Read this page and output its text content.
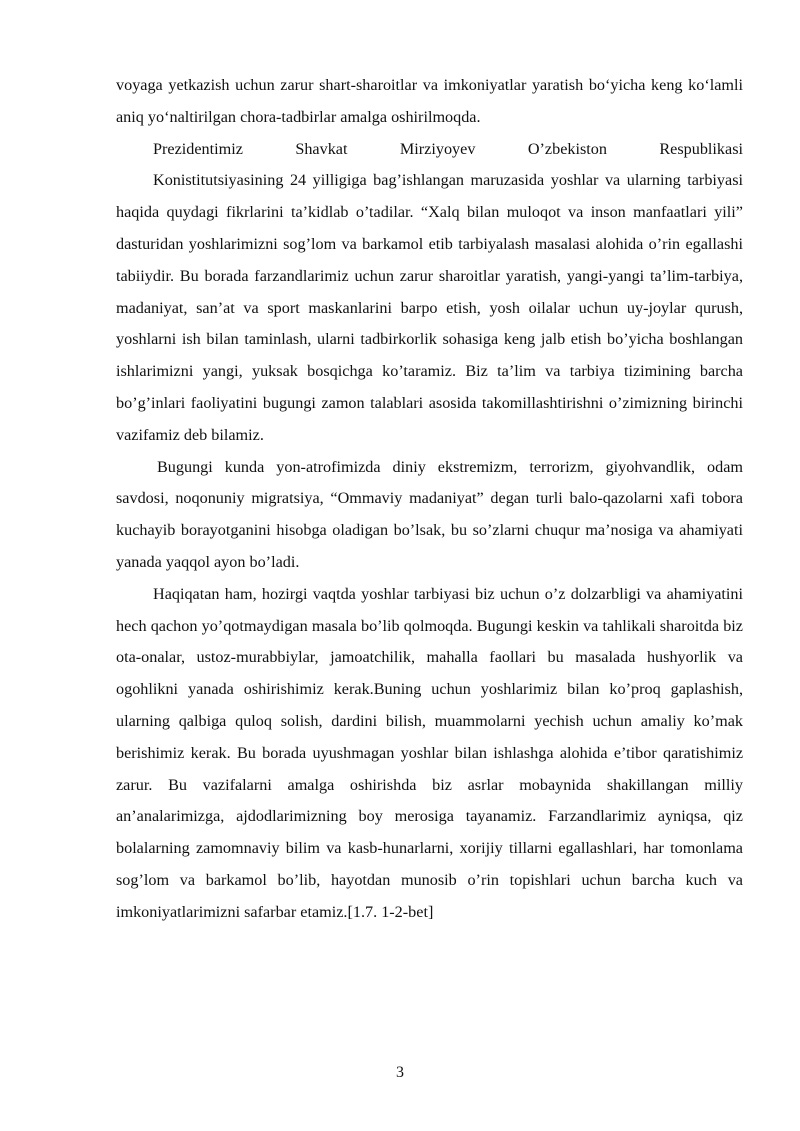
voyaga yetkazish uchun zarur shart-sharoitlar va imkoniyatlar yaratish bo‘yicha keng ko‘lamli aniq yo‘naltirilgan chora-tadbirlar amalga oshirilmoqda.

Prezidentimiz Shavkat Mirziyoyev O’zbekiston Respublikasi

Konistitutsiyasining 24 yilligiga bag’ishlangan maruzasida yoshlar va ularning tarbiyasi haqida quydagi fikrlarini ta’kidlab o’tadilar. “Xalq bilan muloqot va inson manfaatlari yili” dasturidan yoshlarimizni sog’lom va barkamol etib tarbiyalash masalasi alohida o’rin egallashi tabiiydir. Bu borada farzandlarimiz uchun zarur sharoitlar yaratish, yangi-yangi ta’lim-tarbiya, madaniyat, san’at va sport maskanlarini barpo etish, yosh oilalar uchun uy-joylar qurush, yoshlarni ish bilan taminlash, ularni tadbirkorlik sohasiga keng jalb etish bo’yicha boshlangan ishlarimizni yangi, yuksak bosqichga ko’taramiz. Biz ta’lim va tarbiya tizimining barcha bo’g’inlari faoliyatini bugungi zamon talablari asosida takomillashtirishni o’zimizning birinchi vazifamiz deb bilamiz.

Bugungi kunda yon-atrofimizda diniy ekstremizm, terrorizm, giyohvandlik, odam savdosi, noqonuniy migratsiya, “Ommaviy madaniyat” degan turli balo-qazolarni xafi tobora kuchayib borayotganini hisobga oladigan bo’lsak, bu so’zlarni chuqur ma’nosiga va ahamiyati yanada yaqqol ayon bo’ladi.

Haqiqatan ham, hozirgi vaqtda yoshlar tarbiyasi biz uchun o’z dolzarbligi va ahamiyatini hech qachon yo’qotmaydigan masala bo’lib qolmoqda. Bugungi keskin va tahlikali sharoitda biz ota-onalar, ustoz-murabbiylar, jamoatchilik, mahalla faollari bu masalada hushyorlik va ogohlikni yanada oshirishimiz kerak.Buning uchun yoshlarimiz bilan ko’proq gaplashish, ularning qalbiga quloq solish, dardini bilish, muammolarni yechish uchun amaliy ko’mak berishimiz kerak. Bu borada uyushmagan yoshlar bilan ishlashga alohida e’tibor qaratishimiz zarur. Bu vazifalarni amalga oshirishda biz asrlar mobaynida shakillangan milliy an’analarimizga, ajdodlarimizning boy merosiga tayanamiz. Farzandlarimiz ayniqsa, qiz bolalarning zamomnaviy bilim va kasb-hunarlarni, xorijiy tillarni egallashlari, har tomonlama sog’lom va barkamol bo’lib, hayotdan munosib o’rin topishlari uchun barcha kuch va imkoniyatlarimizni safarbar etamiz.[1.7. 1-2-bet]

3
